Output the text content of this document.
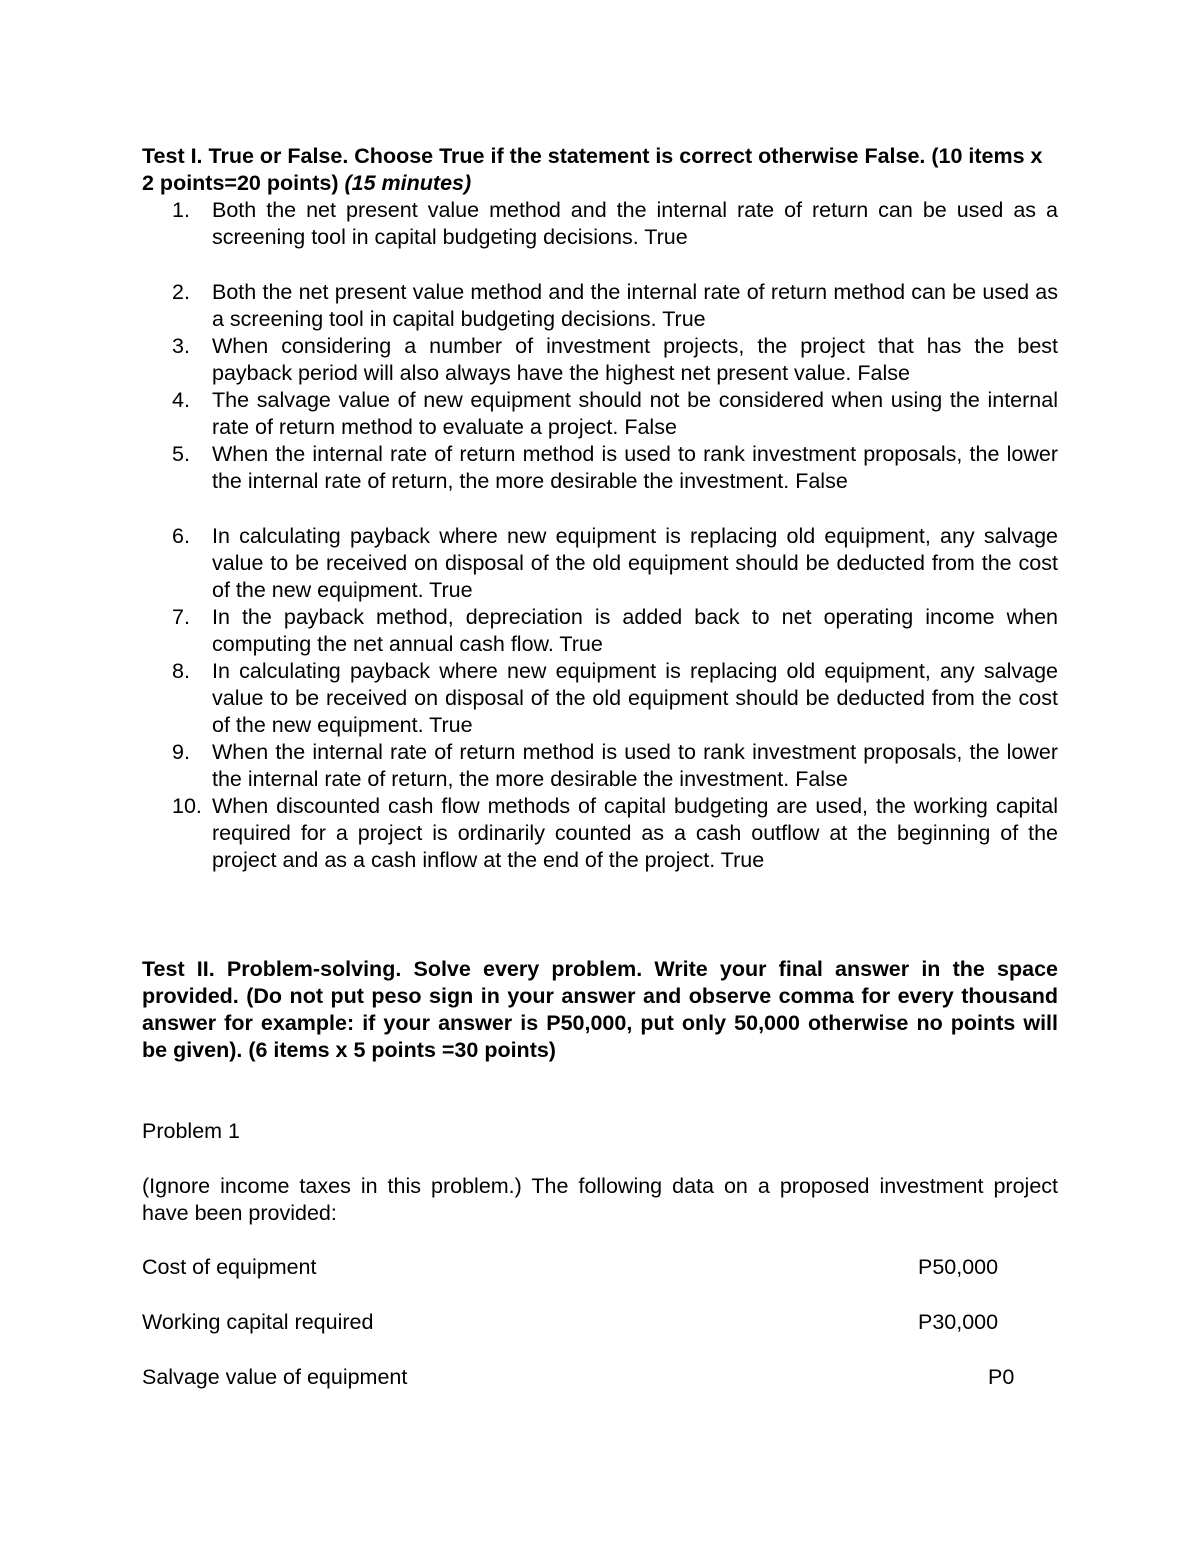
Test I. True or False. Choose True if the statement is correct otherwise False. (10 items x 2 points=20 points) (15 minutes)

1.	Both the net present value method and the internal rate of return can be used as a screening tool in capital budgeting decisions. True
2.	Both the net present value method and the internal rate of return method can be used as a screening tool in capital budgeting decisions. True
3.	When considering a number of investment projects, the project that has the best payback period will also always have the highest net present value. False
4.	The salvage value of new equipment should not be considered when using the internal rate of return method to evaluate a project. False
5.	When the internal rate of return method is used to rank investment proposals, the lower the internal rate of return, the more desirable the investment. False
6.	In calculating payback where new equipment is replacing old equipment, any salvage value to be received on disposal of the old equipment should be deducted from the cost of the new equipment. True
7.	In the payback method, depreciation is added back to net operating income when computing the net annual cash flow. True
8.	In calculating payback where new equipment is replacing old equipment, any salvage value to be received on disposal of the old equipment should be deducted from the cost of the new equipment. True
9.	When the internal rate of return method is used to rank investment proposals, the lower the internal rate of return, the more desirable the investment. False
10. When discounted cash flow methods of capital budgeting are used, the working capital required for a project is ordinarily counted as a cash outflow at the beginning of the project and as a cash inflow at the end of the project. True

Test II. Problem-solving. Solve every problem. Write your final answer in the space provided. (Do not put peso sign in your answer and observe comma for every thousand answer for example: if your answer is P50,000, put only 50,000 otherwise no points will be given). (6 items x 5 points =30 points)

Problem 1

(Ignore income taxes in this problem.) The following data on a proposed investment project have been provided:

Cost of equipment	P50,000
Working capital required	P30,000
Salvage value of equipment	P0
